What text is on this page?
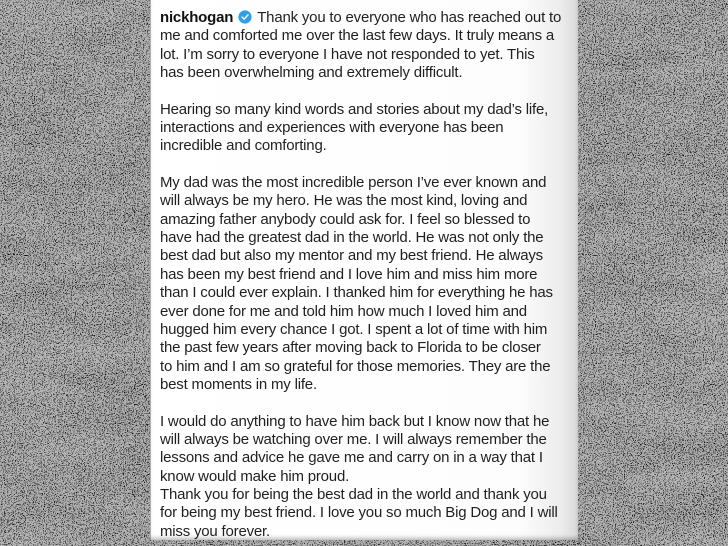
nickhogan Thank you to everyone who has reached out to
me and comforted me over the last few days. It truly means a
lot. I’m sorry to everyone I have not responded to yet. This
has been overwhelming and extremely difficult.
Hearing so many kind words and stories about my dad’s life,
interactions and experiences with everyone has been
incredible and comforting.
My dad was the most incredible person I’ve ever known and
will always be my hero. He was the most kind, loving and
amazing father anybody could ask for. I feel so blessed to
have had the greatest dad in the world. He was not only the
best dad but also my mentor and my best friend. He always
has been my best friend and I love him and miss him more
than I could ever explain. I thanked him for everything he has
ever done for me and told him how much I loved him and
hugged him every chance I got. I spent a lot of time with him
the past few years after moving back to Florida to be closer
to him and I am so grateful for those memories. They are the
best moments in my life.
I would do anything to have him back but I know now that he
will always be watching over me. I will always remember the
lessons and advice he gave me and carry on in a way that I
know would make him proud.
Thank you for being the best dad in the world and thank you
for being my best friend. I love you so much Big Dog and I will
miss you forever.
